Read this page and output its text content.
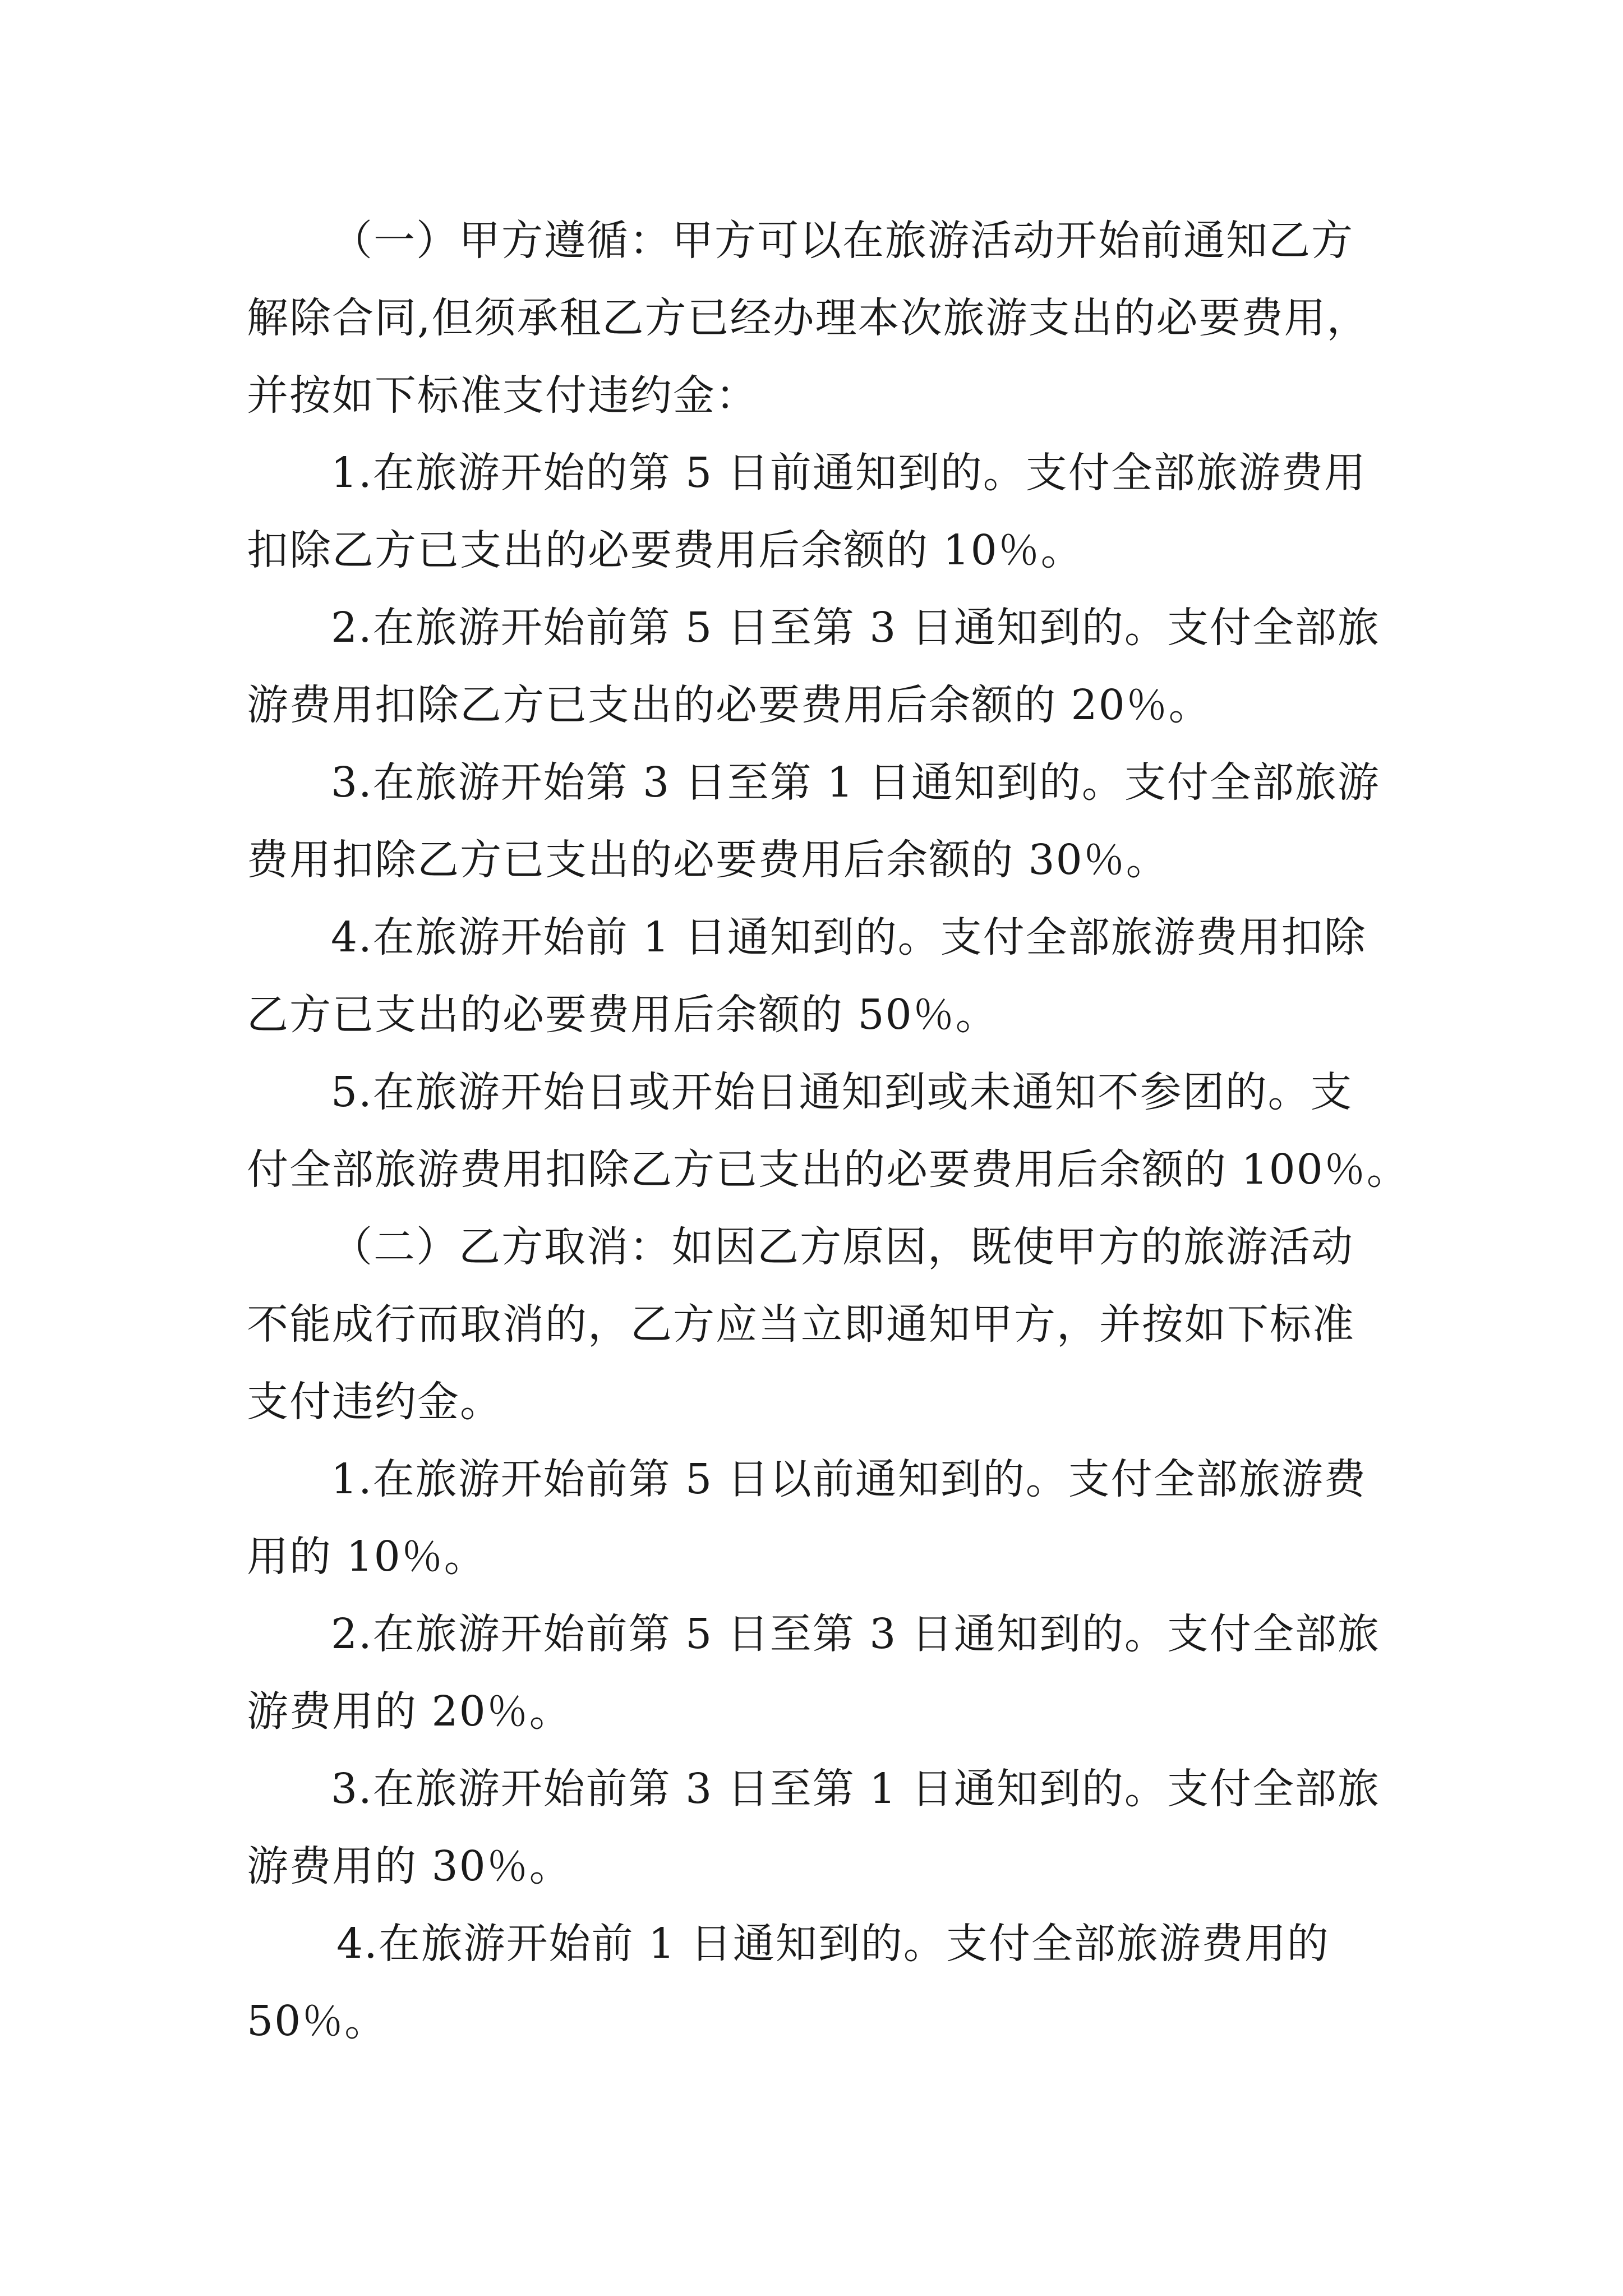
（一）甲方遵循：甲方可以在旅游活动开始前通知乙方
解除合同,但须承租乙方已经办理本次旅游支出的必要费用，
并按如下标准支付违约金：
1.在旅游开始的第 5 日前通知到的。支付全部旅游费用
扣除乙方已支出的必要费用后余额的 10％。
2.在旅游开始前第 5 日至第 3 日通知到的。支付全部旅
游费用扣除乙方已支出的必要费用后余额的 20％。
3.在旅游开始第 3 日至第 1 日通知到的。支付全部旅游
费用扣除乙方已支出的必要费用后余额的 30％。
4.在旅游开始前 1 日通知到的。支付全部旅游费用扣除
乙方已支出的必要费用后余额的 50％。
5.在旅游开始日或开始日通知到或未通知不参团的。支
付全部旅游费用扣除乙方已支出的必要费用后余额的 100％。
（二）乙方取消：如因乙方原因，既使甲方的旅游活动
不能成行而取消的，乙方应当立即通知甲方，并按如下标准
支付违约金。
1.在旅游开始前第 5 日以前通知到的。支付全部旅游费
用的 10％。
2.在旅游开始前第 5 日至第 3 日通知到的。支付全部旅
游费用的 20％。
3.在旅游开始前第 3 日至第 1 日通知到的。支付全部旅
游费用的 30％。
4.在旅游开始前 1 日通知到的。支付全部旅游费用的
50％。
